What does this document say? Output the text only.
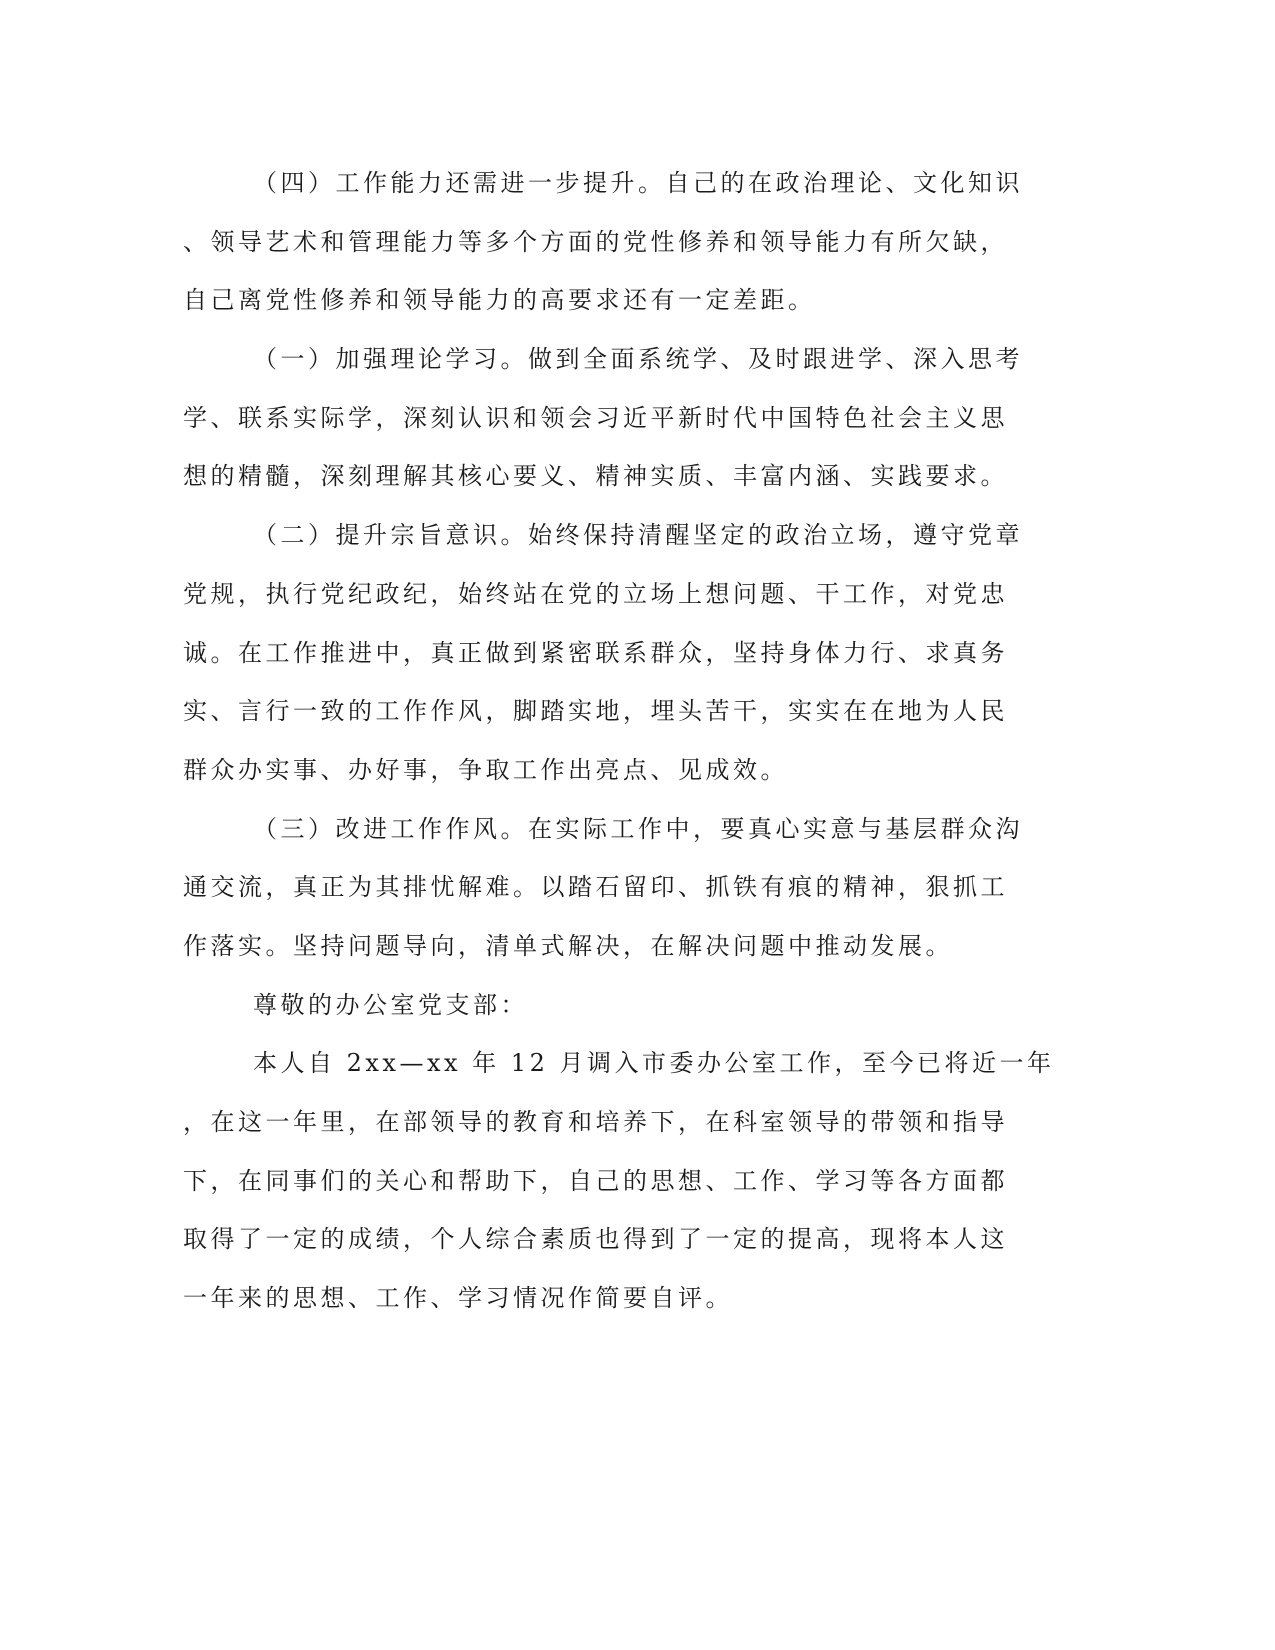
（四）工作能力还需进一步提升。自己的在政治理论、文化知识
、领导艺术和管理能力等多个方面的党性修养和领导能力有所欠缺，
自己离党性修养和领导能力的高要求还有一定差距。
（一）加强理论学习。做到全面系统学、及时跟进学、深入思考
学、联系实际学，深刻认识和领会习近平新时代中国特色社会主义思
想的精髓，深刻理解其核心要义、精神实质、丰富内涵、实践要求。
（二）提升宗旨意识。始终保持清醒坚定的政治立场，遵守党章
党规，执行党纪政纪，始终站在党的立场上想问题、干工作，对党忠
诚。在工作推进中，真正做到紧密联系群众，坚持身体力行、求真务
实、言行一致的工作作风，脚踏实地，埋头苦干，实实在在地为人民
群众办实事、办好事，争取工作出亮点、见成效。
（三）改进工作作风。在实际工作中，要真心实意与基层群众沟
通交流，真正为其排忧解难。以踏石留印、抓铁有痕的精神，狠抓工
作落实。坚持问题导向，清单式解决，在解决问题中推动发展。
尊敬的办公室党支部：
本人自 2xx—xx 年 12 月调入市委办公室工作，至今已将近一年
，在这一年里，在部领导的教育和培养下，在科室领导的带领和指导
下，在同事们的关心和帮助下，自己的思想、工作、学习等各方面都
取得了一定的成绩，个人综合素质也得到了一定的提高，现将本人这
一年来的思想、工作、学习情况作简要自评。
